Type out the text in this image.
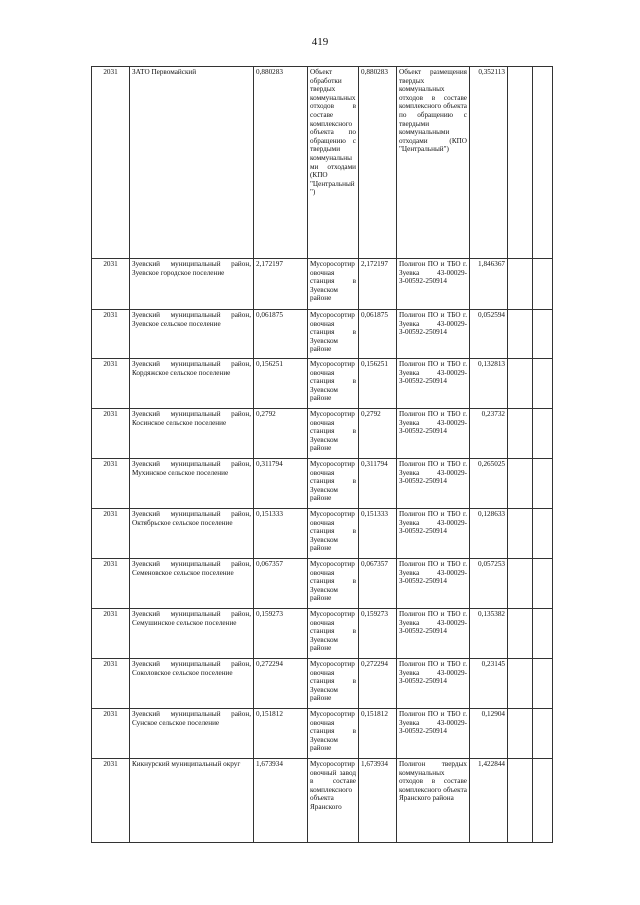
419
2031	ЗАТО Первомайский	0,880283	Объект обработки твердых коммунальных отходов в составе комплексного объекта по обращению с твердыми коммунальными отходами (КПО "Центральный")	0,880283	Объект размещения твердых коммунальных отходов в составе комплексного объекта по обращению с твердыми коммунальными отходами (КПО "Центральный")	0,352113		
2031	Зуевский муниципальный район, Зуевское городское поселение	2,172197	Мусоросортировочная станция в Зуевском районе	2,172197	Полигон ПО и ТБО г. Зуевка 43-00029-З-00592-250914	1,846367		
2031	Зуевский муниципальный район, Зуевское сельское поселение	0,061875	Мусоросортировочная станция в Зуевском районе	0,061875	Полигон ПО и ТБО г. Зуевка 43-00029-З-00592-250914	0,052594		
2031	Зуевский муниципальный район, Кордяжское сельское поселение	0,156251	Мусоросортировочная станция в Зуевском районе	0,156251	Полигон ПО и ТБО г. Зуевка 43-00029-З-00592-250914	0,132813		
2031	Зуевский муниципальный район, Косинское сельское поселение	0,2792	Мусоросортировочная станция в Зуевском районе	0,2792	Полигон ПО и ТБО г. Зуевка 43-00029-З-00592-250914	0,23732		
2031	Зуевский муниципальный район, Мухинское сельское поселение	0,311794	Мусоросортировочная станция в Зуевском районе	0,311794	Полигон ПО и ТБО г. Зуевка 43-00029-З-00592-250914	0,265025		
2031	Зуевский муниципальный район, Октябрьское сельское поселение	0,151333	Мусоросортировочная станция в Зуевском районе	0,151333	Полигон ПО и ТБО г. Зуевка 43-00029-З-00592-250914	0,128633		
2031	Зуевский муниципальный район, Семеновское сельское поселение	0,067357	Мусоросортировочная станция в Зуевском районе	0,067357	Полигон ПО и ТБО г. Зуевка 43-00029-З-00592-250914	0,057253		
2031	Зуевский муниципальный район, Семушинское сельское поселение	0,159273	Мусоросортировочная станция в Зуевском районе	0,159273	Полигон ПО и ТБО г. Зуевка 43-00029-З-00592-250914	0,135382		
2031	Зуевский муниципальный район, Соколовское сельское поселение	0,272294	Мусоросортировочная станция в Зуевском районе	0,272294	Полигон ПО и ТБО г. Зуевка 43-00029-З-00592-250914	0,23145		
2031	Зуевский муниципальный район, Сунское сельское поселение	0,151812	Мусоросортировочная станция в Зуевском районе	0,151812	Полигон ПО и ТБО г. Зуевка 43-00029-З-00592-250914	0,12904		
2031	Кикнурский муниципальный округ	1,673934	Мусоросортировочный завод в составе комплексного объекта Яранского	1,673934	Полигон твердых коммунальных отходов в составе комплексного объекта Яранского района	1,422844		
